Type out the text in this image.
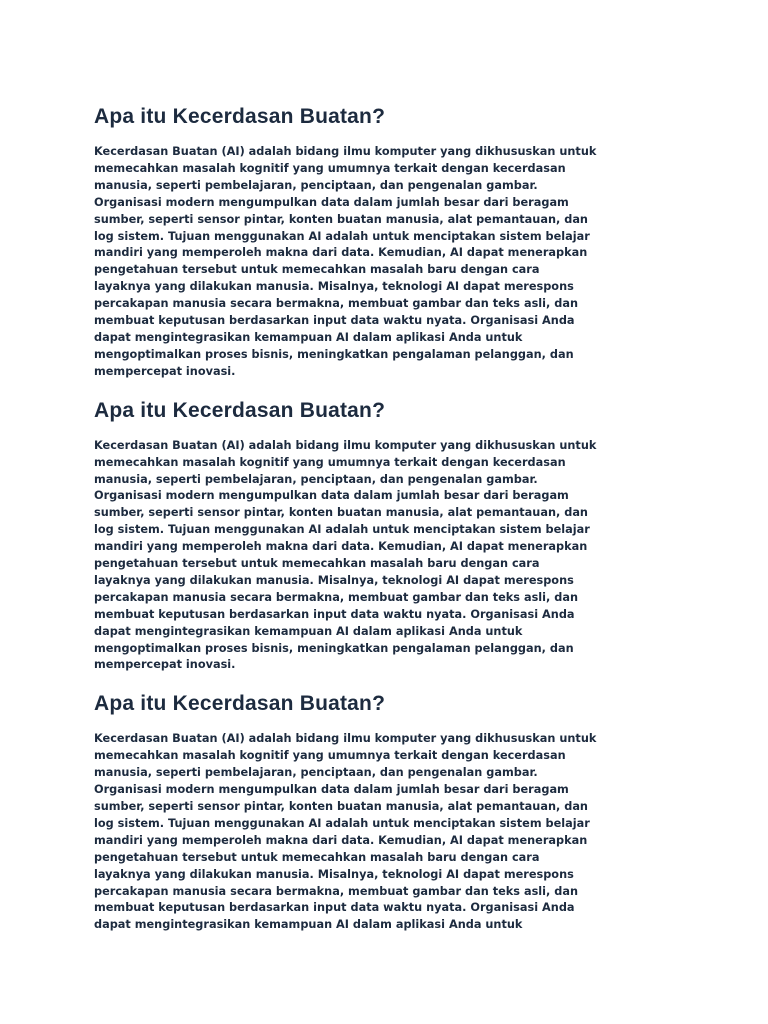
Apa itu Kecerdasan Buatan?

Kecerdasan Buatan (AI) adalah bidang ilmu komputer yang dikhususkan untuk
memecahkan masalah kognitif yang umumnya terkait dengan kecerdasan
manusia, seperti pembelajaran, penciptaan, dan pengenalan gambar.
Organisasi modern mengumpulkan data dalam jumlah besar dari beragam
sumber, seperti sensor pintar, konten buatan manusia, alat pemantauan, dan
log sistem. Tujuan menggunakan AI adalah untuk menciptakan sistem belajar
mandiri yang memperoleh makna dari data. Kemudian, AI dapat menerapkan
pengetahuan tersebut untuk memecahkan masalah baru dengan cara
layaknya yang dilakukan manusia. Misalnya, teknologi AI dapat merespons
percakapan manusia secara bermakna, membuat gambar dan teks asli, dan
membuat keputusan berdasarkan input data waktu nyata. Organisasi Anda
dapat mengintegrasikan kemampuan AI dalam aplikasi Anda untuk
mengoptimalkan proses bisnis, meningkatkan pengalaman pelanggan, dan
mempercepat inovasi.

Apa itu Kecerdasan Buatan?

Kecerdasan Buatan (AI) adalah bidang ilmu komputer yang dikhususkan untuk
memecahkan masalah kognitif yang umumnya terkait dengan kecerdasan
manusia, seperti pembelajaran, penciptaan, dan pengenalan gambar.
Organisasi modern mengumpulkan data dalam jumlah besar dari beragam
sumber, seperti sensor pintar, konten buatan manusia, alat pemantauan, dan
log sistem. Tujuan menggunakan AI adalah untuk menciptakan sistem belajar
mandiri yang memperoleh makna dari data. Kemudian, AI dapat menerapkan
pengetahuan tersebut untuk memecahkan masalah baru dengan cara
layaknya yang dilakukan manusia. Misalnya, teknologi AI dapat merespons
percakapan manusia secara bermakna, membuat gambar dan teks asli, dan
membuat keputusan berdasarkan input data waktu nyata. Organisasi Anda
dapat mengintegrasikan kemampuan AI dalam aplikasi Anda untuk
mengoptimalkan proses bisnis, meningkatkan pengalaman pelanggan, dan
mempercepat inovasi.

Apa itu Kecerdasan Buatan?

Kecerdasan Buatan (AI) adalah bidang ilmu komputer yang dikhususkan untuk
memecahkan masalah kognitif yang umumnya terkait dengan kecerdasan
manusia, seperti pembelajaran, penciptaan, dan pengenalan gambar.
Organisasi modern mengumpulkan data dalam jumlah besar dari beragam
sumber, seperti sensor pintar, konten buatan manusia, alat pemantauan, dan
log sistem. Tujuan menggunakan AI adalah untuk menciptakan sistem belajar
mandiri yang memperoleh makna dari data. Kemudian, AI dapat menerapkan
pengetahuan tersebut untuk memecahkan masalah baru dengan cara
layaknya yang dilakukan manusia. Misalnya, teknologi AI dapat merespons
percakapan manusia secara bermakna, membuat gambar dan teks asli, dan
membuat keputusan berdasarkan input data waktu nyata. Organisasi Anda
dapat mengintegrasikan kemampuan AI dalam aplikasi Anda untuk
